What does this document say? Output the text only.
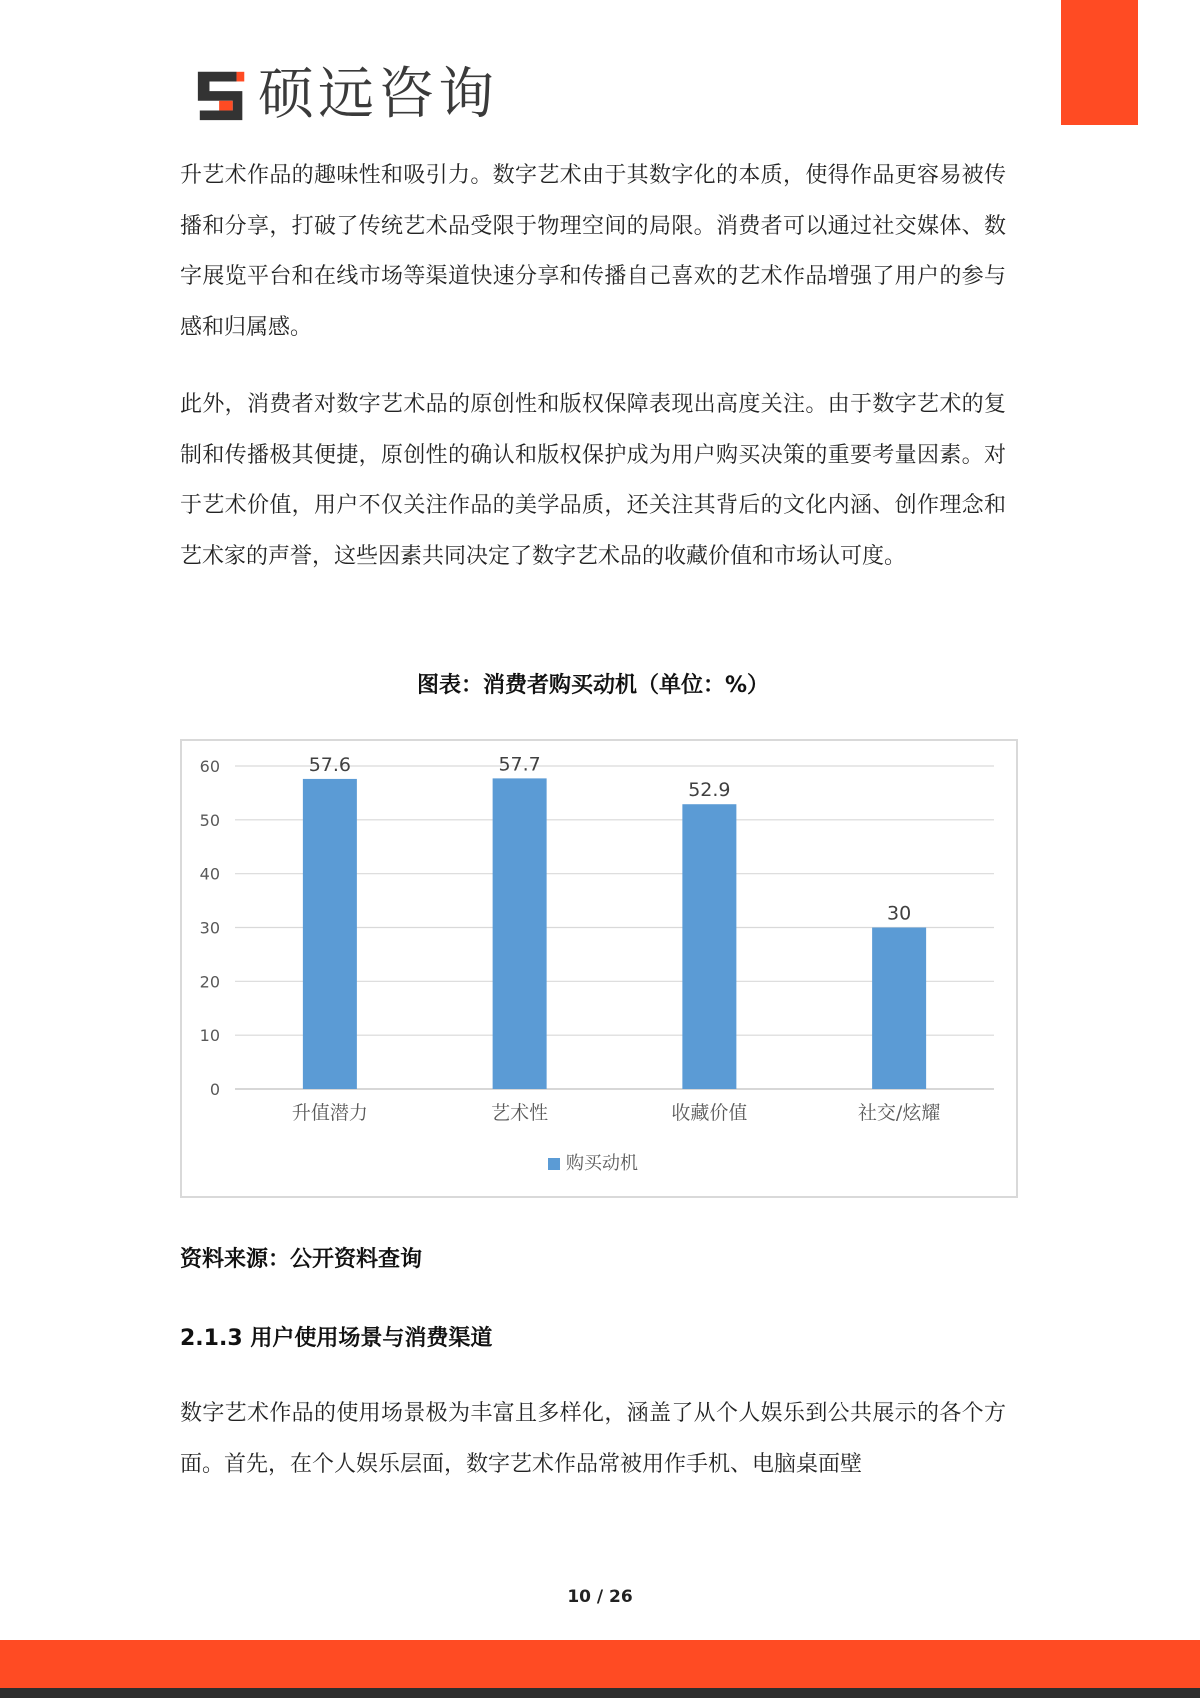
硕远咨询

升艺术作品的趣味性和吸引力。数字艺术由于其数字化的本质，使得作品更容易被传播和分享，打破了传统艺术品受限于物理空间的局限。消费者可以通过社交媒体、数字展览平台和在线市场等渠道快速分享和传播自己喜欢的艺术作品增强了用户的参与感和归属感。

此外，消费者对数字艺术品的原创性和版权保障表现出高度关注。由于数字艺术的复制和传播极其便捷，原创性的确认和版权保护成为用户购买决策的重要考量因素。对于艺术价值，用户不仅关注作品的美学品质，还关注其背后的文化内涵、创作理念和艺术家的声誉，这些因素共同决定了数字艺术品的收藏价值和市场认可度。

图表：消费者购买动机（单位：%）
0
10
20
30
40
50
60	57.6	57.7
52.9
30
升值潜力	艺术性	收藏价值	社交/炫耀
购买动机
资料来源：公开资料查询
2.1.3 用户使用场景与消费渠道

数字艺术作品的使用场景极为丰富且多样化，涵盖了从个人娱乐到公共展示的各个方面。首先，在个人娱乐层面，数字艺术作品常被用作手机、电脑桌面壁

10 / 26
